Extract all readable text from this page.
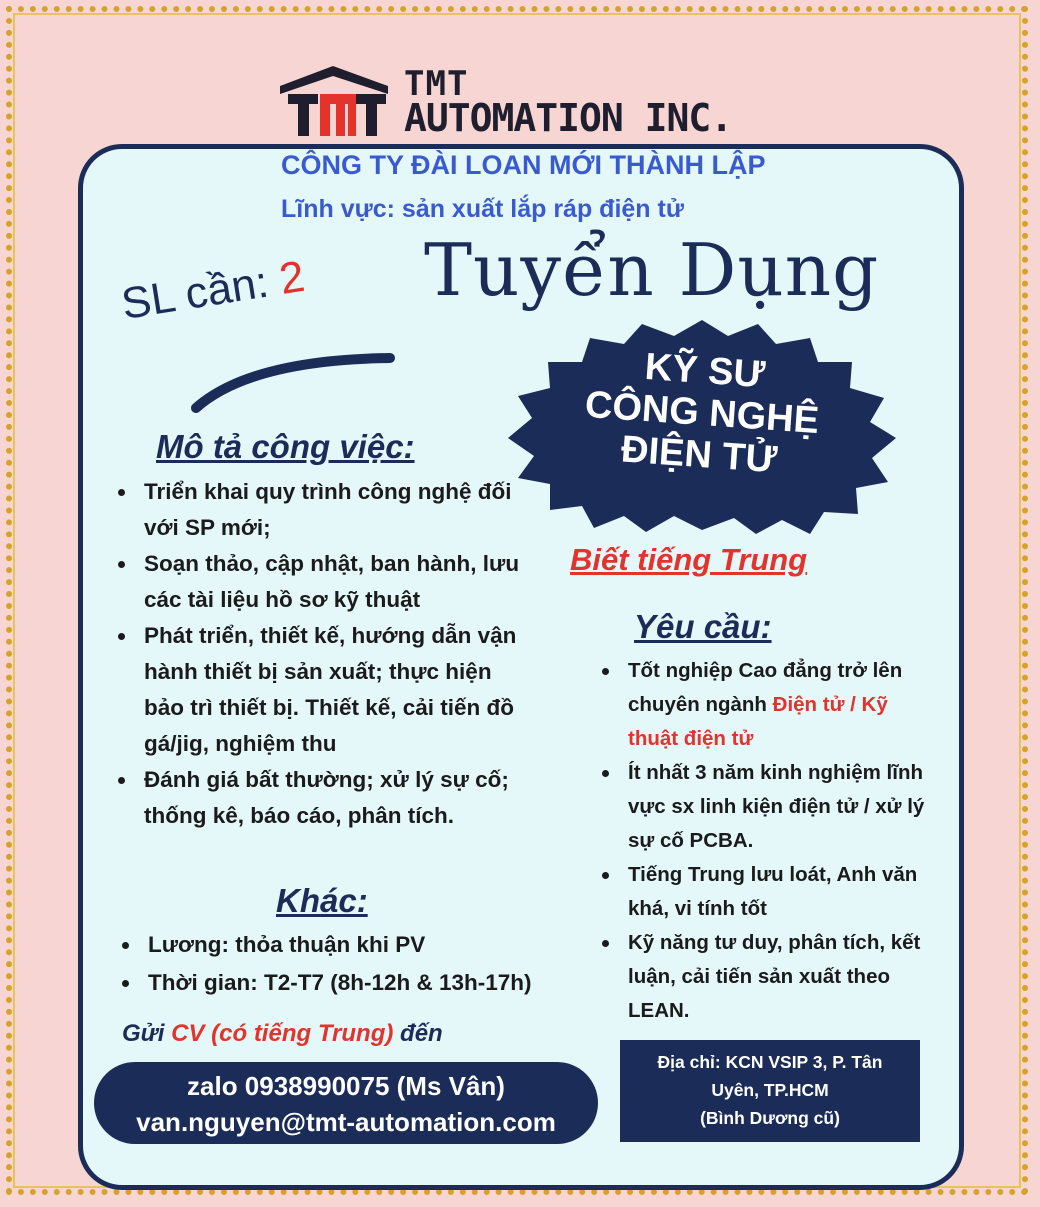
TMT
AUTOMATION INC.
CÔNG TY ĐÀI LOAN MỚI THÀNH LẬP
Lĩnh vực: sản xuất lắp ráp điện tử
Tuyển Dụng
SL cần: 2
KỸ SƯ
CÔNG NGHỆ
ĐIỆN TỬ
Mô tả công việc:
Triển khai quy trình công nghệ đối với SP mới;
Soạn thảo, cập nhật, ban hành, lưu các tài liệu hồ sơ kỹ thuật
Phát triển, thiết kế, hướng dẫn vận hành thiết bị sản xuất; thực hiện bảo trì thiết bị. Thiết kế, cải tiến đồ gá/jig, nghiệm thu
Đánh giá bất thường; xử lý sự cố; thống kê, báo cáo, phân tích.
Biết tiếng Trung
Yêu cầu:
Tốt nghiệp Cao đẳng trở lên chuyên ngành Điện tử / Kỹ thuật điện tử
Ít nhất 3 năm kinh nghiệm lĩnh vực sx linh kiện điện tử / xử lý sự cố PCBA.
Tiếng Trung lưu loát, Anh văn khá, vi tính tốt
Kỹ năng tư duy, phân tích, kết luận, cải tiến sản xuất theo LEAN.
Khác:
Lương: thỏa thuận khi PV
Thời gian: T2-T7 (8h-12h & 13h-17h)
Gửi CV (có tiếng Trung) đến
zalo 0938990075 (Ms Vân)
van.nguyen@tmt-automation.com
Địa chỉ: KCN VSIP 3, P. Tân
Uyên, TP.HCM
(Bình Dương cũ)
